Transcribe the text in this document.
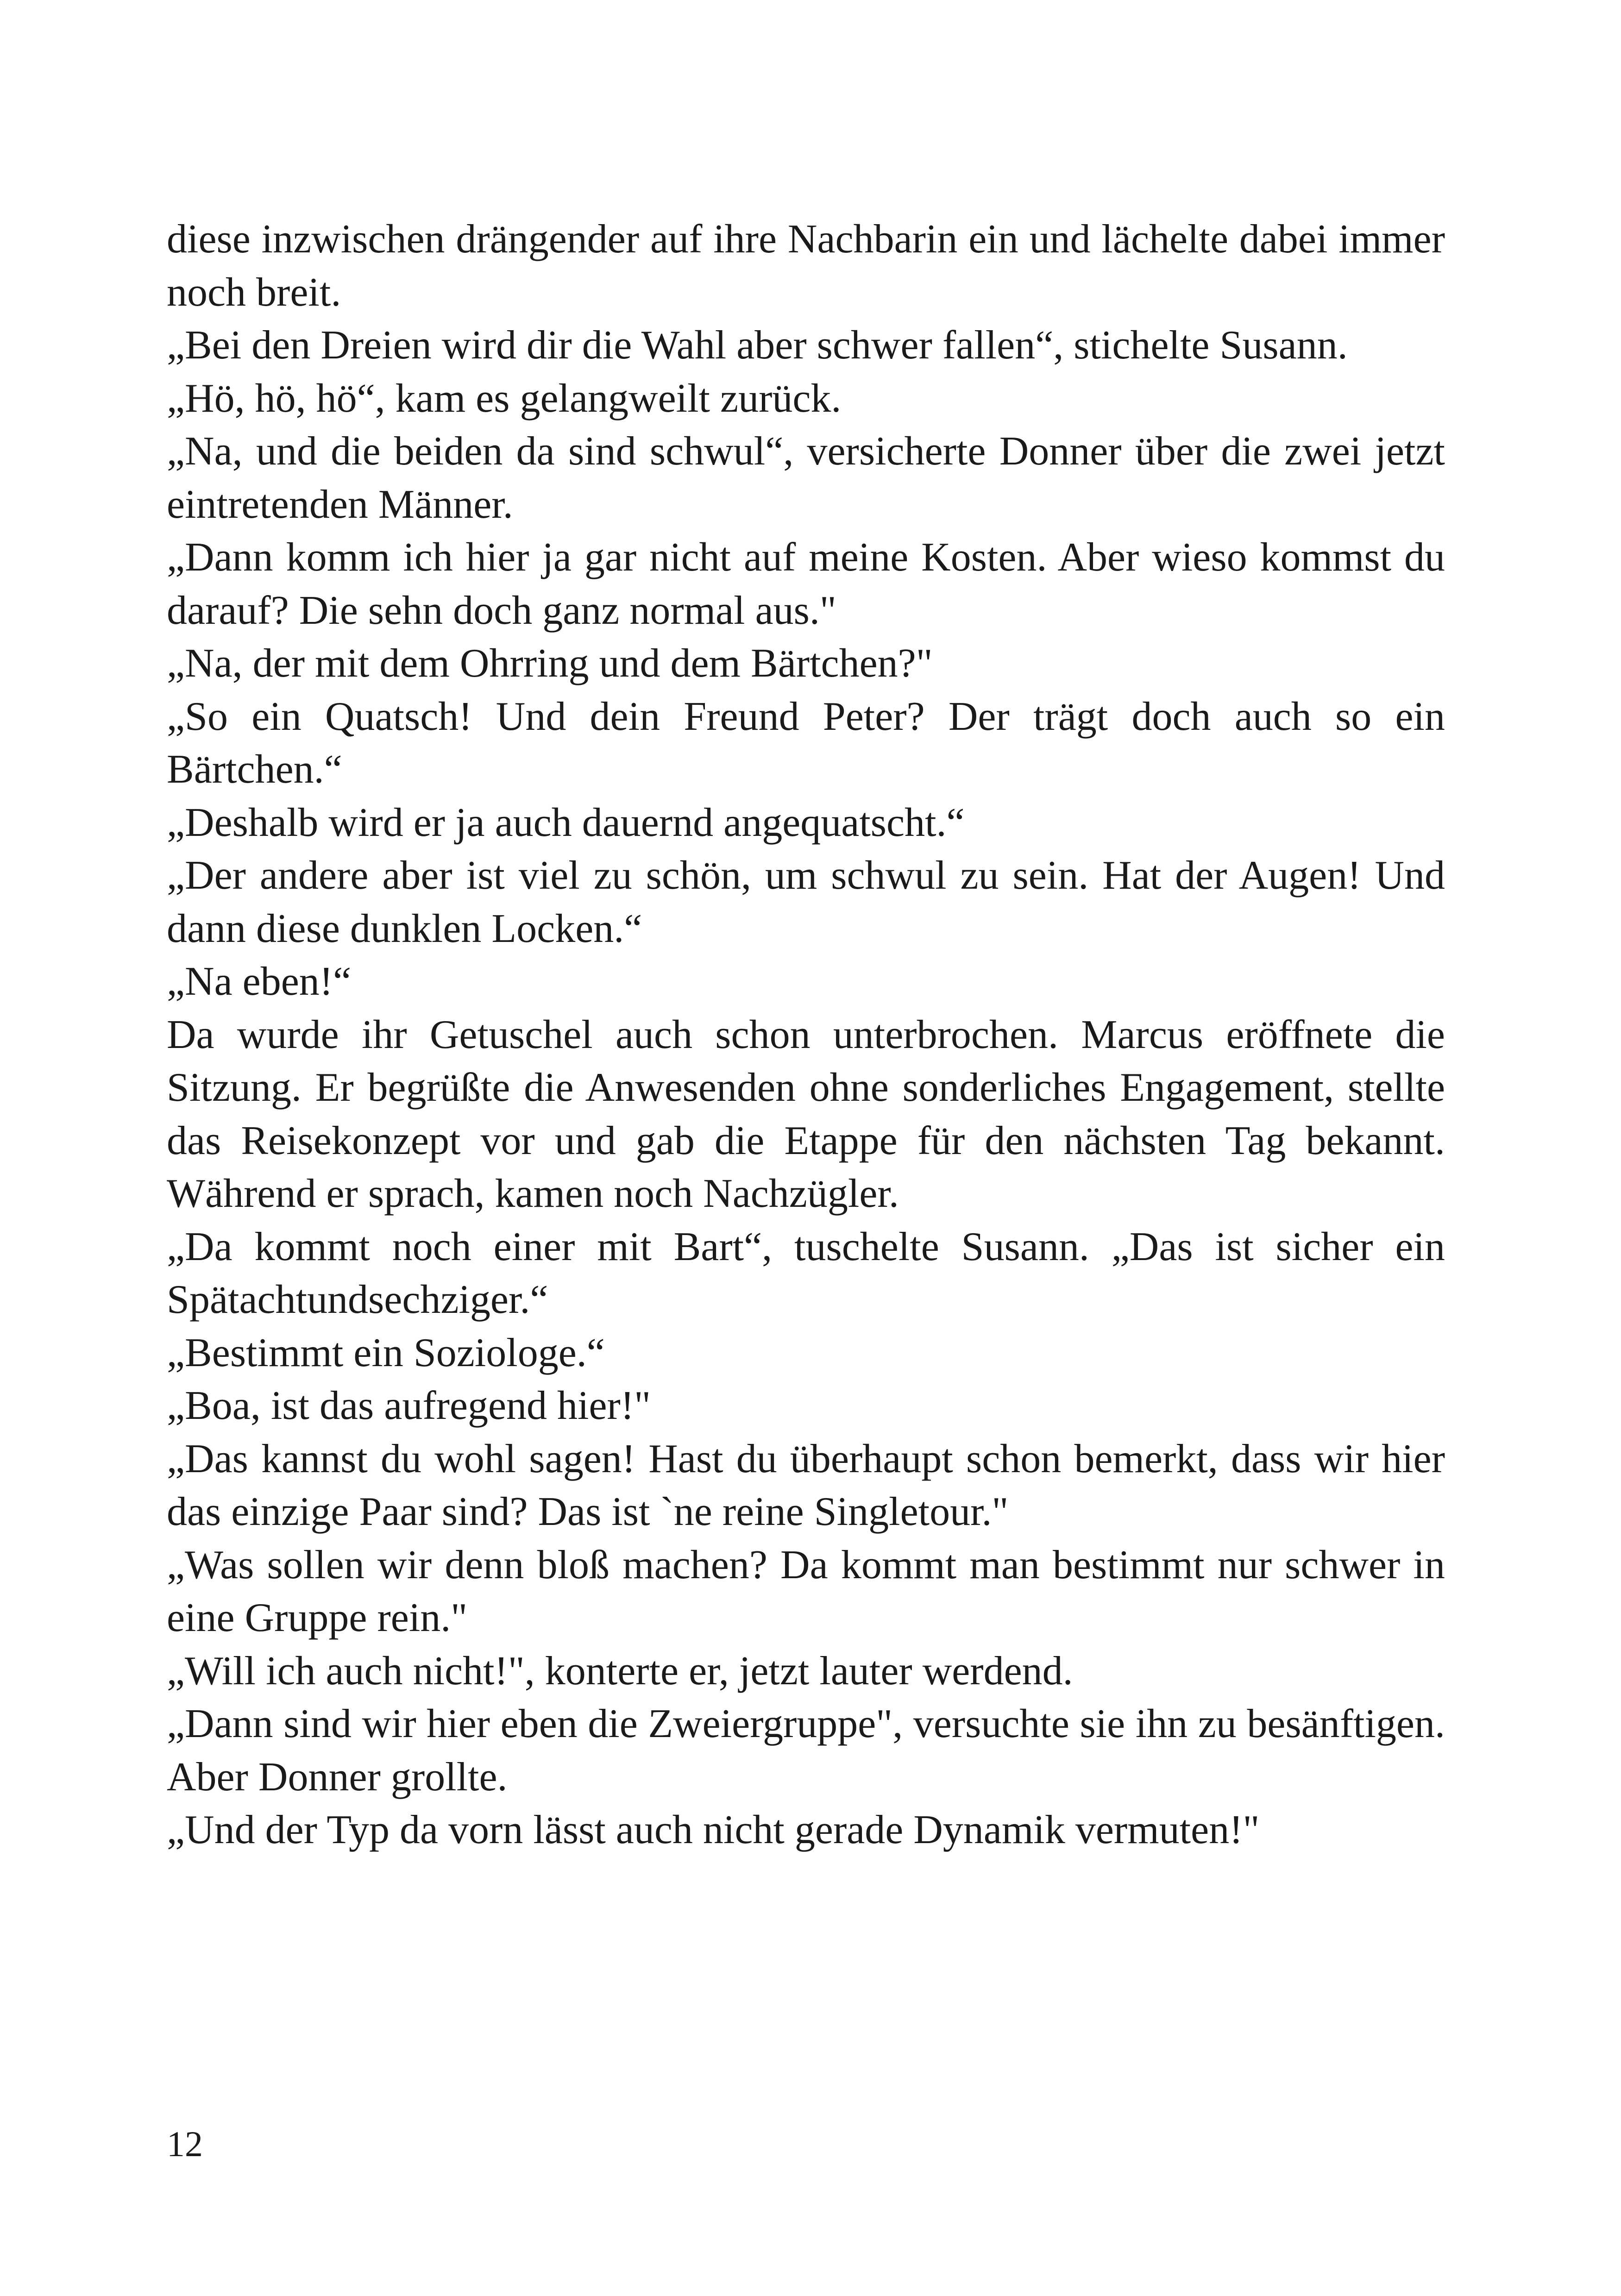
diese inzwischen drängender auf ihre Nachbarin ein und lächelte dabei immer noch breit.

„Bei den Dreien wird dir die Wahl aber schwer fallen“, stichelte Susann.

„Hö, hö, hö“, kam es gelangweilt zurück.

„Na, und die beiden da sind schwul“, versicherte Donner über die zwei jetzt eintretenden Männer.

„Dann komm ich hier ja gar nicht auf meine Kosten. Aber wieso kommst du darauf? Die sehn doch ganz normal aus."

„Na, der mit dem Ohrring und dem Bärtchen?"

„So ein Quatsch! Und dein Freund Peter? Der trägt doch auch so ein Bärtchen.“

„Deshalb wird er ja auch dauernd angequatscht.“

„Der andere aber ist viel zu schön, um schwul zu sein. Hat der Augen! Und dann diese dunklen Locken.“

„Na eben!“

Da wurde ihr Getuschel auch schon unterbrochen. Marcus eröffnete die Sitzung. Er begrüßte die Anwesenden ohne sonderliches Engagement, stellte das Reisekonzept vor und gab die Etappe für den nächsten Tag bekannt. Während er sprach, kamen noch Nachzügler.

„Da kommt noch einer mit Bart“, tuschelte Susann. „Das ist sicher ein Spätachtundsechziger.“

„Bestimmt ein Soziologe.“

„Boa, ist das aufregend hier!"

„Das kannst du wohl sagen! Hast du überhaupt schon bemerkt, dass wir hier das einzige Paar sind? Das ist `ne reine Singletour."

„Was sollen wir denn bloß machen? Da kommt man bestimmt nur schwer in eine Gruppe rein."

„Will ich auch nicht!", konterte er, jetzt lauter werdend.

„Dann sind wir hier eben die Zweiergruppe", versuchte sie ihn zu besänftigen. Aber Donner grollte.

„Und der Typ da vorn lässt auch nicht gerade Dynamik vermuten!"

12
